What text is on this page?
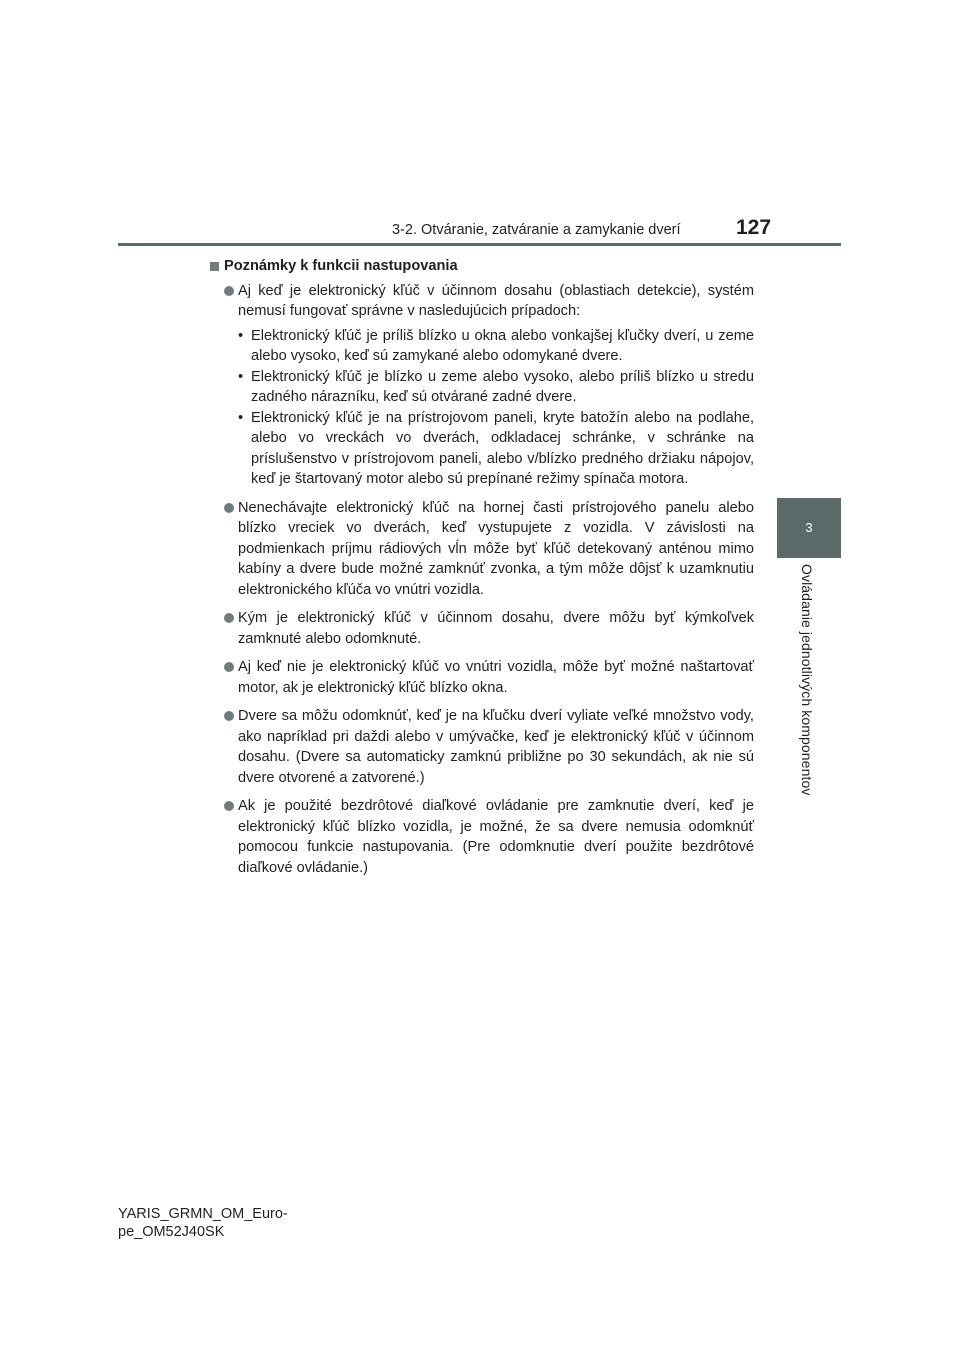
3-2. Otváranie, zatváranie a zamykanie dverí	127
3
Ovládanie jednotlivých komponentov
Poznámky k funkcii nastupovania
Aj keď je elektronický kľúč v účinnom dosahu (oblastiach detekcie), systém nemusí fungovať správne v nasledujúcich prípadoch:
• Elektronický kľúč je príliš blízko u okna alebo vonkajšej kľučky dverí, u zeme alebo vysoko, keď sú zamykané alebo odomykané dvere.
• Elektronický kľúč je blízko u zeme alebo vysoko, alebo príliš blízko u stredu zadného nárazníku, keď sú otvárané zadné dvere.
• Elektronický kľúč je na prístrojovom paneli, kryte batožín alebo na podlahe, alebo vo vreckách vo dverách, odkladacej schránke, v schránke na príslušenstvo v prístrojovom paneli, alebo v/blízko predného držiaku nápojov, keď je štartovaný motor alebo sú prepínané režimy spínača motora.
Nenechávajte elektronický kľúč na hornej časti prístrojového panelu alebo blízko vreciek vo dverách, keď vystupujete z vozidla. V závislosti na podmienkach príjmu rádiových vĺn môže byť kľúč detekovaný anténou mimo kabíny a dvere bude možné zamknúť zvonka, a tým môže dôjsť k uzamknutiu elektronického kľúča vo vnútri vozidla.
Kým je elektronický kľúč v účinnom dosahu, dvere môžu byť kýmkoľvek zamknuté alebo odomknuté.
Aj keď nie je elektronický kľúč vo vnútri vozidla, môže byť možné naštartovať motor, ak je elektronický kľúč blízko okna.
Dvere sa môžu odomknúť, keď je na kľučku dverí vyliate veľké množstvo vody, ako napríklad pri daždi alebo v umývačke, keď je elektronický kľúč v účinnom dosahu. (Dvere sa automaticky zamknú približne po 30 sekundách, ak nie sú dvere otvorené a zatvorené.)
Ak je použité bezdrôtové diaľkové ovládanie pre zamknutie dverí, keď je elektronický kľúč blízko vozidla, je možné, že sa dvere nemusia odomknúť pomocou funkcie nastupovania. (Pre odomknutie dverí použite bezdrôtové diaľkové ovládanie.)
YARIS_GRMN_OM_Euro-
pe_OM52J40SK
